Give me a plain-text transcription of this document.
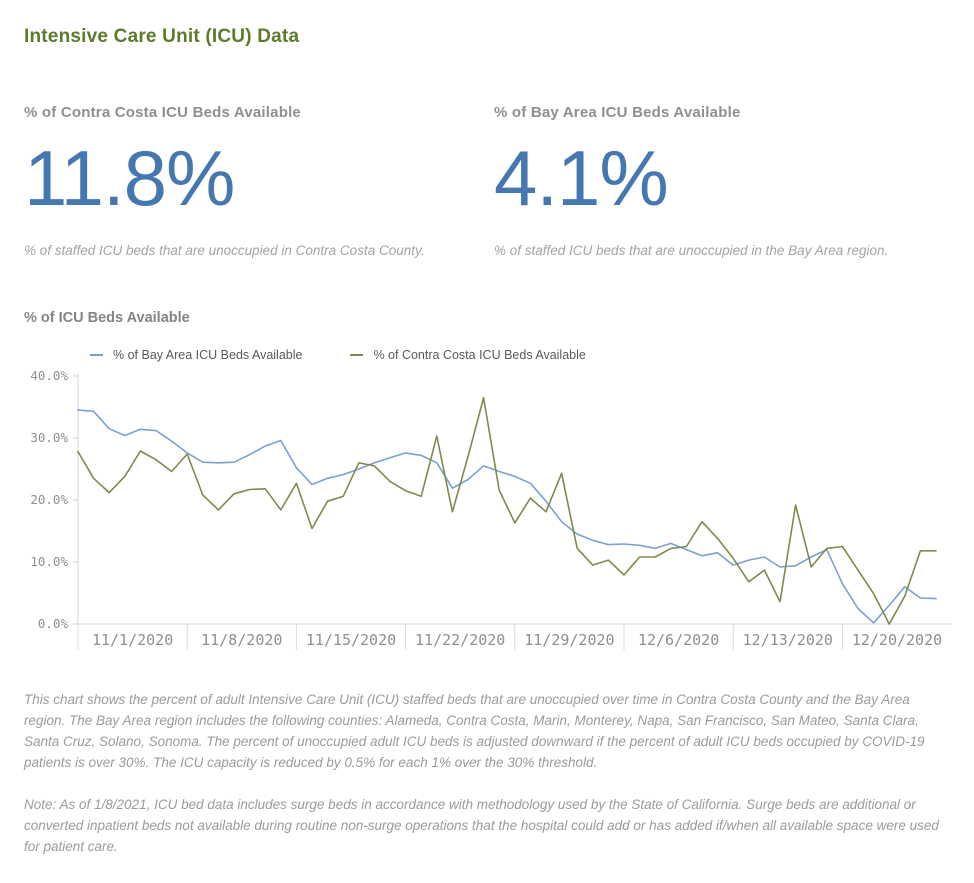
Intensive Care Unit (ICU) Data
% of Contra Costa ICU Beds Available
11.8%
% of staffed ICU beds that are unoccupied in Contra Costa County.
% of Bay Area ICU Beds Available
4.1%
% of staffed ICU beds that are unoccupied in the Bay Area region.
% of ICU Beds Available
% of Bay Area ICU Beds Available	% of Contra Costa ICU Beds Available
0.0%
10.0%
20.0%
30.0%
40.0%
11/1/2020 11/8/2020 11/15/2020 11/22/2020 11/29/2020 12/6/2020 12/13/2020 12/20/2020

This chart shows the percent of adult Intensive Care Unit (ICU) staffed beds that are unoccupied over time in Contra Costa County and the Bay Area region. The Bay Area region includes the following counties: Alameda, Contra Costa, Marin, Monterey, Napa, San Francisco, San Mateo, Santa Clara, Santa Cruz, Solano, Sonoma. The percent of unoccupied adult ICU beds is adjusted downward if the percent of adult ICU beds occupied by COVID-19 patients is over 30%. The ICU capacity is reduced by 0.5% for each 1% over the 30% threshold.

Note: As of 1/8/2021, ICU bed data includes surge beds in accordance with methodology used by the State of California. Surge beds are additional or converted inpatient beds not available during routine non-surge operations that the hospital could add or has added if/when all available space were used for patient care.
